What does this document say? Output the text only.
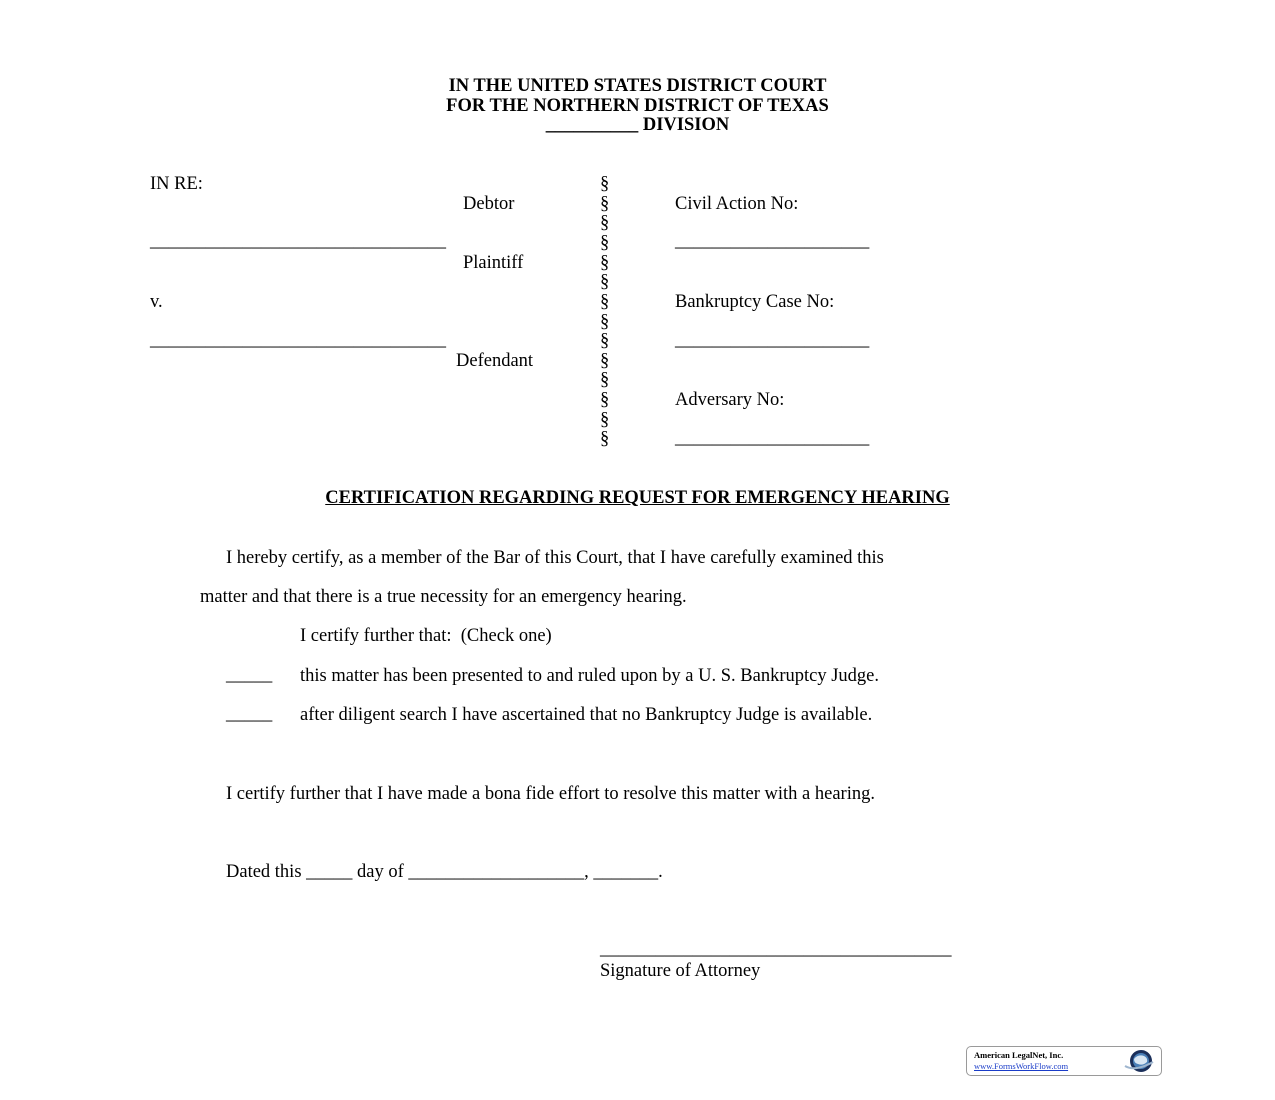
IN THE UNITED STATES DISTRICT COURT
FOR THE NORTHERN DISTRICT OF TEXAS
__________ DIVISION
IN RE:
Debtor
________________________________
Plaintiff
v.
________________________________
Defendant
§
§
§
§
§
§
§
§
§
§
§
§
§
§
Civil Action No:
_____________________
Bankruptcy Case No:
_____________________
Adversary No:
_____________________
CERTIFICATION REGARDING REQUEST FOR EMERGENCY HEARING
I hereby certify, as a member of the Bar of this Court, that I have carefully examined this
matter and that there is a true necessity for an emergency hearing.
I certify further that:  (Check one)
_____ this matter has been presented to and ruled upon by a U. S. Bankruptcy Judge.
_____ after diligent search I have ascertained that no Bankruptcy Judge is available.
I certify further that I have made a bona fide effort to resolve this matter with a hearing.
Dated this _____ day of ___________________, _______.
______________________________________
Signature of Attorney
American LegalNet, Inc.
www.FormsWorkFlow.com
